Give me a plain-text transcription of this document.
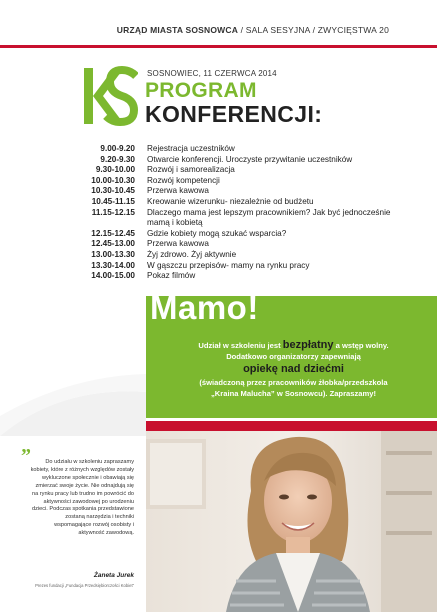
URZĄD MIASTA SOSNOWCA / SALA SESYJNA / ZWYCIĘSTWA 20
SOSNOWIEC, 11 CZERWCA 2014
PROGRAM
KONFERENCJI:
9.00-9.20	Rejestracja uczestników
9.20-9.30	Otwarcie konferencji. Uroczyste przywitanie uczestników
9.30-10.00	Rozwój i samorealizacja
10.00-10.30	Rozwój kompetencji
10.30-10.45	Przerwa kawowa
10.45-11.15	Kreowanie wizerunku- niezależnie od budżetu
11.15-12.15	Dlaczego mama jest lepszym pracownikiem? Jak być jednocześnie mamą i kobietą
12.15-12.45	Gdzie kobiety mogą szukać wsparcia?
12.45-13.00	Przerwa kawowa
13.00-13.30	Żyj zdrowo. Żyj aktywnie
13.30-14.00	W gąszczu przepisów- mamy na rynku pracy
14.00-15.00	Pokaz filmów
Mamo!
Udział w szkoleniu jest bezpłatny a wstęp wolny.
Dodatkowo organizatorzy zapewniają

opiekę nad dziećmi
(świadczoną przez pracowników żłobka/przedszkola
„Kraina Malucha” w Sosnowcu). Zapraszamy!
”	Do udziału w szkoleniu zapraszamy kobiety, które z różnych względów zostały wykluczone społecznie i obawiają się zmierzać swoje życie. Nie odnajdują się na rynku pracy lub trudno im powrócić do aktywności zawodowej po urodzeniu dzieci. Podczas spotkania przedstawione zostaną narzędzia i techniki wspomagające rozwój osobisty i aktywność zawodową.
Żaneta Jurek
Prezes fundacji „Fundacja Przedsiębiorczości Kobiet”
